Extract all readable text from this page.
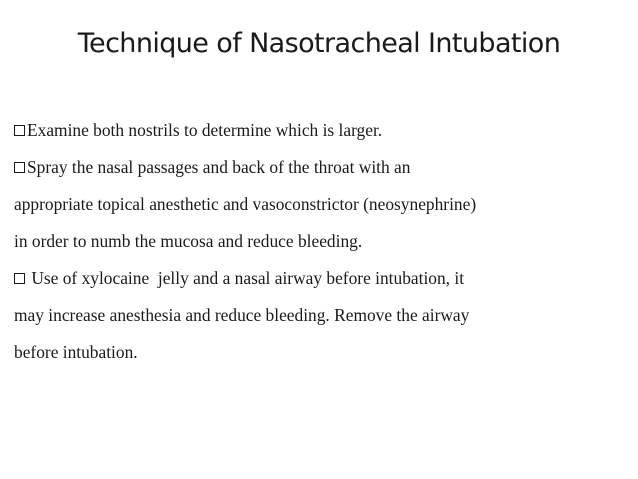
Technique of Nasotracheal Intubation
Examine both nostrils to determine which is larger.
Spray the nasal passages and back of the throat with an
appropriate topical anesthetic and vasoconstrictor (neosynephrine)
in order to numb the mucosa and reduce bleeding.
Use of xylocaine  jelly and a nasal airway before intubation, it
may increase anesthesia and reduce bleeding. Remove the airway
before intubation.
